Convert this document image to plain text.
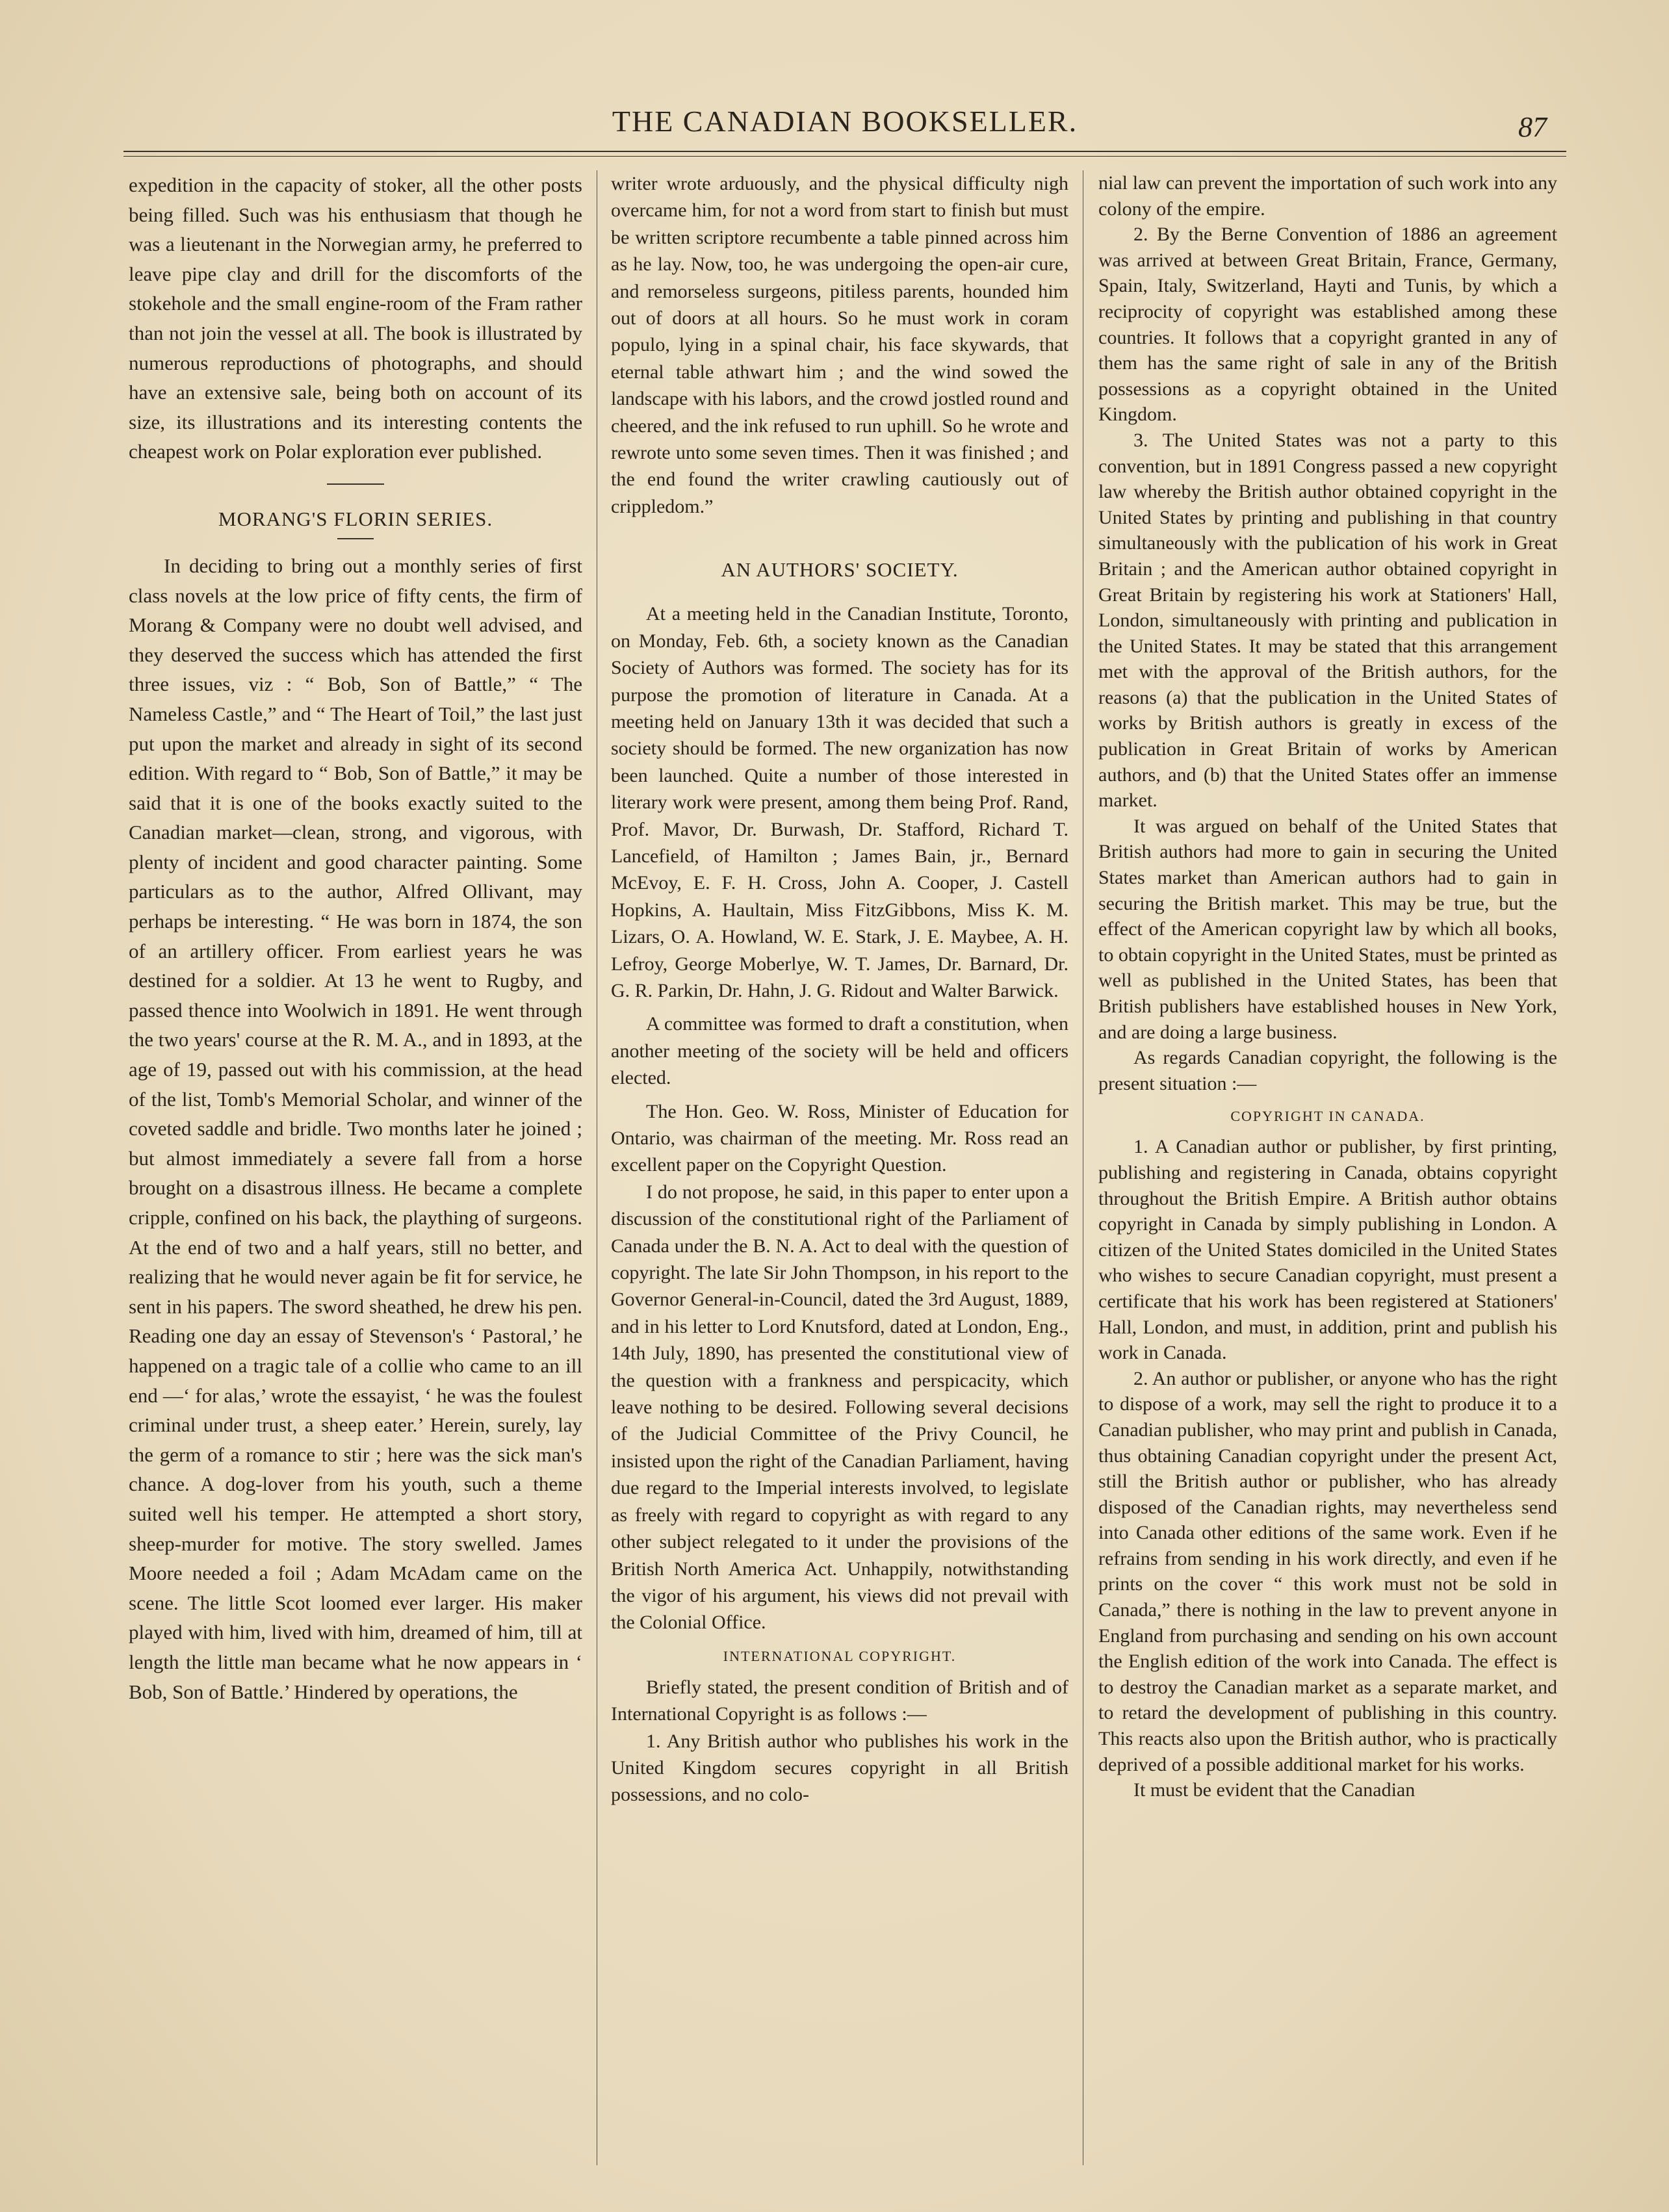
THE CANADIAN BOOKSELLER.	87

expedition in the capacity of stoker, all the other posts being filled. Such was his enthusiasm that though he was a lieutenant in the Norwegian army, he preferred to leave pipe clay and drill for the discomforts of the stokehole and the small engine-room of the Fram rather than not join the vessel at all. The book is illustrated by numerous reproductions of photographs, and should have an extensive sale, being both on account of its size, its illustrations and its interesting contents the cheapest work on Polar exploration ever published.

MORANG'S FLORIN SERIES.

In deciding to bring out a monthly series of first class novels at the low price of fifty cents, the firm of Morang & Company were no doubt well advised, and they deserved the success which has attended the first three issues, viz : “ Bob, Son of Battle,” “ The Nameless Castle,” and “ The Heart of Toil,” the last just put upon the market and already in sight of its second edition. With regard to “ Bob, Son of Battle,” it may be said that it is one of the books exactly suited to the Canadian market—clean, strong, and vigorous, with plenty of incident and good character painting. Some particulars as to the author, Alfred Ollivant, may perhaps be interesting. “ He was born in 1874, the son of an artillery officer. From earliest years he was destined for a soldier. At 13 he went to Rugby, and passed thence into Woolwich in 1891. He went through the two years' course at the R. M. A., and in 1893, at the age of 19, passed out with his commission, at the head of the list, Tomb's Memorial Scholar, and winner of the coveted saddle and bridle. Two months later he joined ; but almost immediately a severe fall from a horse brought on a disastrous illness. He became a complete cripple, confined on his back, the plaything of surgeons. At the end of two and a half years, still no better, and realizing that he would never again be fit for service, he sent in his papers. The sword sheathed, he drew his pen. Reading one day an essay of Stevenson's ‘ Pastoral,’ he happened on a tragic tale of a collie who came to an ill end —‘ for alas,’ wrote the essayist, ‘ he was the foulest criminal under trust, a sheep eater.’ Herein, surely, lay the germ of a romance to stir ; here was the sick man's chance. A dog-lover from his youth, such a theme suited well his temper. He attempted a short story, sheep-murder for motive. The story swelled. James Moore needed a foil ; Adam McAdam came on the scene. The little Scot loomed ever larger. His maker played with him, lived with him, dreamed of him, till at length the little man became what he now appears in ‘ Bob, Son of Battle.’ Hindered by operations, the

writer wrote arduously, and the physical difficulty nigh overcame him, for not a word from start to finish but must be written scriptore recumbente a table pinned across him as he lay. Now, too, he was undergoing the open-air cure, and remorseless surgeons, pitiless parents, hounded him out of doors at all hours. So he must work in coram populo, lying in a spinal chair, his face skywards, that eternal table athwart him ; and the wind sowed the landscape with his labors, and the crowd jostled round and cheered, and the ink refused to run uphill. So he wrote and rewrote unto some seven times. Then it was finished ; and the end found the writer crawling cautiously out of crippledom.”

AN AUTHORS' SOCIETY.

At a meeting held in the Canadian Institute, Toronto, on Monday, Feb. 6th, a society known as the Canadian Society of Authors was formed. The society has for its purpose the promotion of literature in Canada. At a meeting held on January 13th it was decided that such a society should be formed. The new organization has now been launched. Quite a number of those interested in literary work were present, among them being Prof. Rand, Prof. Mavor, Dr. Burwash, Dr. Stafford, Richard T. Lancefield, of Hamilton ; James Bain, jr., Bernard McEvoy, E. F. H. Cross, John A. Cooper, J. Castell Hopkins, A. Haultain, Miss FitzGibbons, Miss K. M. Lizars, O. A. Howland, W. E. Stark, J. E. Maybee, A. H. Lefroy, George Moberlye, W. T. James, Dr. Barnard, Dr. G. R. Parkin, Dr. Hahn, J. G. Ridout and Walter Barwick.

A committee was formed to draft a constitution, when another meeting of the society will be held and officers elected.

The Hon. Geo. W. Ross, Minister of Education for Ontario, was chairman of the meeting. Mr. Ross read an excellent paper on the Copyright Question.

I do not propose, he said, in this paper to enter upon a discussion of the constitutional right of the Parliament of Canada under the B. N. A. Act to deal with the question of copyright. The late Sir John Thompson, in his report to the Governor General-in-Council, dated the 3rd August, 1889, and in his letter to Lord Knutsford, dated at London, Eng., 14th July, 1890, has presented the constitutional view of the question with a frankness and perspicacity, which leave nothing to be desired. Following several decisions of the Judicial Committee of the Privy Council, he insisted upon the right of the Canadian Parliament, having due regard to the Imperial interests involved, to legislate as freely with regard to copyright as with regard to any other subject relegated to it under the provisions of the British North America Act. Unhappily, notwithstanding the vigor of his argument, his views did not prevail with the Colonial Office.

INTERNATIONAL COPYRIGHT.

Briefly stated, the present condition of British and of International Copyright is as follows :—

1. Any British author who publishes his work in the United Kingdom secures copyright in all British possessions, and no colo-

nial law can prevent the importation of such work into any colony of the empire.

2. By the Berne Convention of 1886 an agreement was arrived at between Great Britain, France, Germany, Spain, Italy, Switzerland, Hayti and Tunis, by which a reciprocity of copyright was established among these countries. It follows that a copyright granted in any of them has the same right of sale in any of the British possessions as a copyright obtained in the United Kingdom.

3. The United States was not a party to this convention, but in 1891 Congress passed a new copyright law whereby the British author obtained copyright in the United States by printing and publishing in that country simultaneously with the publication of his work in Great Britain ; and the American author obtained copyright in Great Britain by registering his work at Stationers' Hall, London, simultaneously with printing and publication in the United States. It may be stated that this arrangement met with the approval of the British authors, for the reasons (a) that the publication in the United States of works by British authors is greatly in excess of the publication in Great Britain of works by American authors, and (b) that the United States offer an immense market.

It was argued on behalf of the United States that British authors had more to gain in securing the United States market than American authors had to gain in securing the British market. This may be true, but the effect of the American copyright law by which all books, to obtain copyright in the United States, must be printed as well as published in the United States, has been that British publishers have established houses in New York, and are doing a large business.

As regards Canadian copyright, the following is the present situation :—

COPYRIGHT IN CANADA.

1. A Canadian author or publisher, by first printing, publishing and registering in Canada, obtains copyright throughout the British Empire. A British author obtains copyright in Canada by simply publishing in London. A citizen of the United States domiciled in the United States who wishes to secure Canadian copyright, must present a certificate that his work has been registered at Stationers' Hall, London, and must, in addition, print and publish his work in Canada.

2. An author or publisher, or anyone who has the right to dispose of a work, may sell the right to produce it to a Canadian publisher, who may print and publish in Canada, thus obtaining Canadian copyright under the present Act, still the British author or publisher, who has already disposed of the Canadian rights, may nevertheless send into Canada other editions of the same work. Even if he refrains from sending in his work directly, and even if he prints on the cover “ this work must not be sold in Canada,” there is nothing in the law to prevent anyone in England from purchasing and sending on his own account the English edition of the work into Canada. The effect is to destroy the Canadian market as a separate market, and to retard the development of publishing in this country. This reacts also upon the British author, who is practically deprived of a possible additional market for his works.

It must be evident that the Canadian
